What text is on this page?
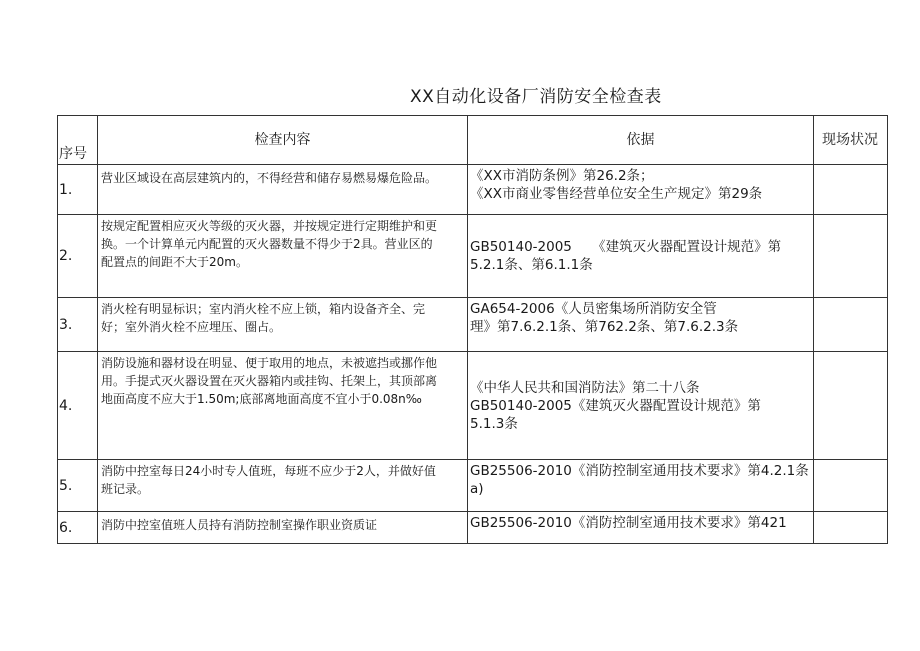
XX自动化设备厂消防安全检查表
序号	检查内容	依据	现场状况
1.	营业区域设在高层建筑内的，不得经营和储存易燃易爆危险品。	《XX市消防条例》第26.2条；
《XX市商业零售经营单位安全生产规定》第29条	

2.	按规定配置相应灭火等级的灭火器，并按规定进行定期维护和更
换。一个计算单元内配置的灭火器数量不得少于2具。营业区的
配置点的间距不大于20m。	GB50140-2005　　《建筑灭火器配置设计规范》第
5.2.1条、第6.1.1条	

3.	消火栓有明显标识；室内消火栓不应上锁，箱内设备齐全、完
好；室外消火栓不应埋压、圈占。	GA654-2006《人员密集场所消防安全管
理》第7.6.2.1条、第762.2条、第7.6.2.3条	

4.	消防设施和器材设在明显、便于取用的地点，未被遮挡或挪作他
用。手提式灭火器设置在灭火器箱内或挂钩、托架上，其顶部离
地面高度不应大于1.50m;底部离地面高度不宜小于0.08n‰	《中华人民共和国消防法》第二十八条
GB50140-2005《建筑灭火器配置设计规范》第
5.1.3条	

5.	消防中控室每日24小时专人值班，每班不应少于2人，并做好值
班记录。	GB25506-2010《消防控制室通用技术要求》第4.2.1条
a)	

6.	消防中控室值班人员持有消防控制室操作职业资质证	GB25506-2010《消防控制室通用技术要求》第421	
